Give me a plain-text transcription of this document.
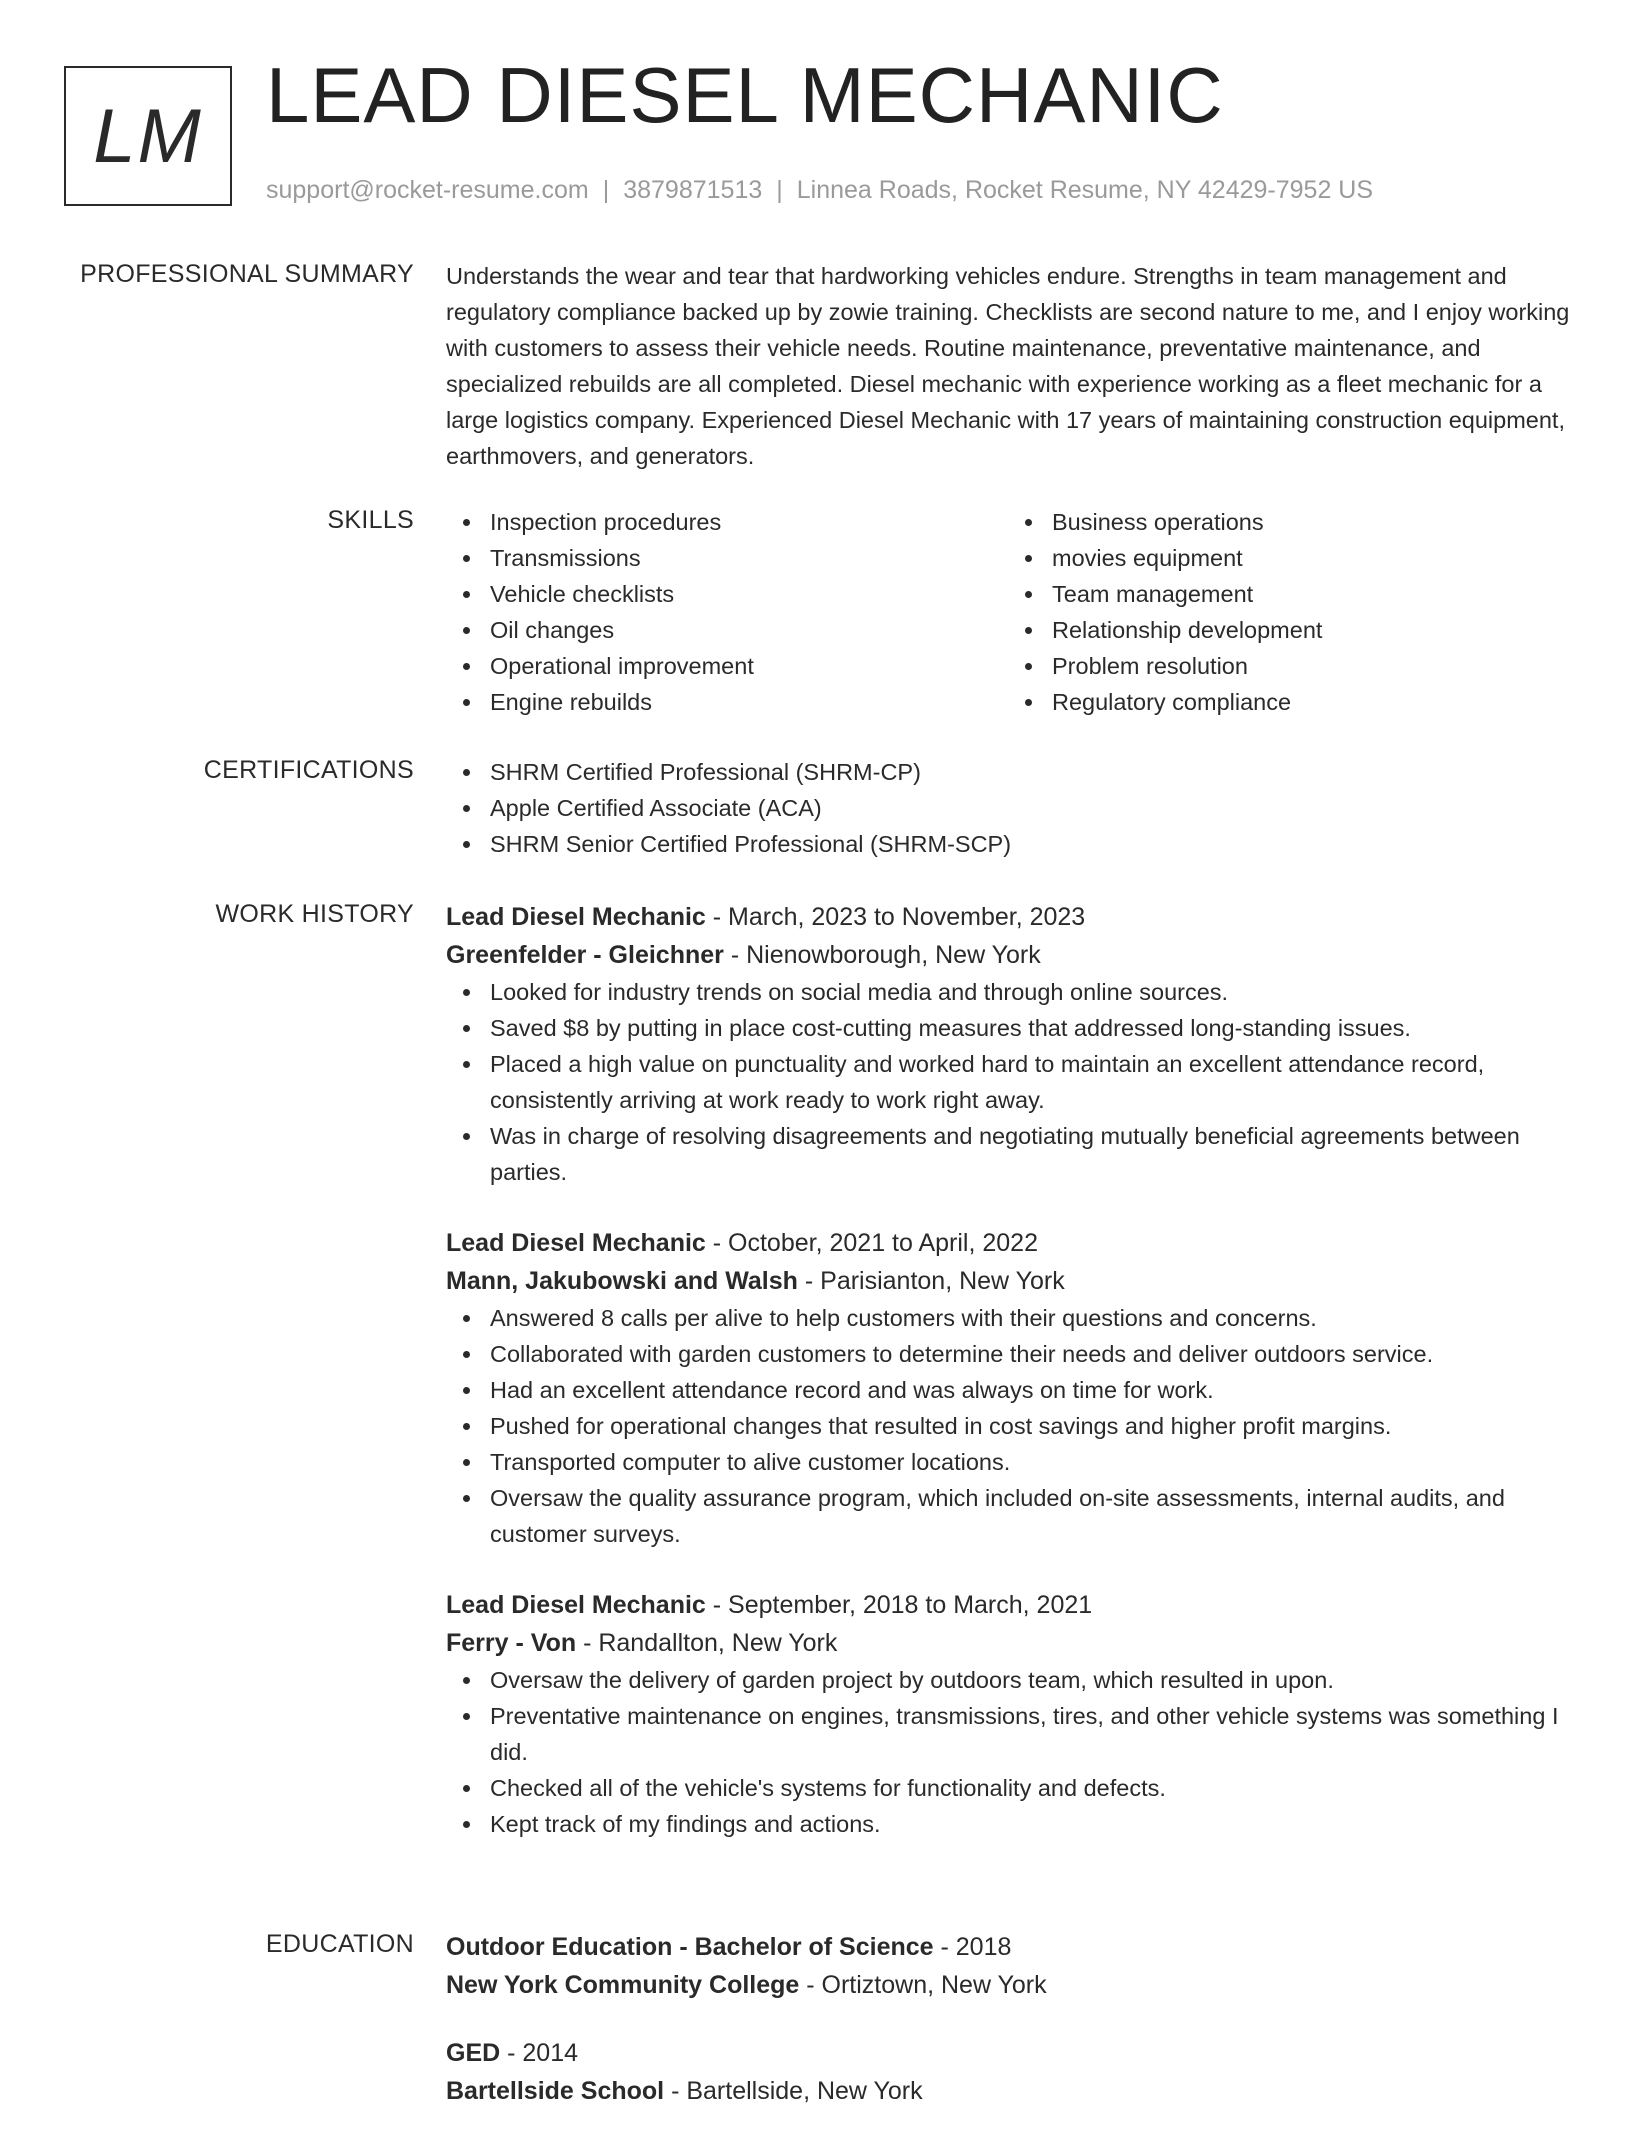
LM LEAD DIESEL MECHANIC
support@rocket-resume.com | 3879871513 | Linnea Roads, Rocket Resume, NY 42429-7952 US
PROFESSIONAL SUMMARY Understands the wear and tear that hardworking vehicles endure. Strengths in team management and regulatory compliance backed up by zowie training. Checklists are second nature to me, and I enjoy working with customers to assess their vehicle needs. Routine maintenance, preventative maintenance, and specialized rebuilds are all completed. Diesel mechanic with experience working as a fleet mechanic for a large logistics company. Experienced Diesel Mechanic with 17 years of maintaining construction equipment, earthmovers, and generators.

SKILLS	Inspection procedures
Transmissions
Vehicle checklists
Oil changes
Operational improvement
Engine rebuilds
Business operations
movies equipment
Team management
Relationship development
Problem resolution
Regulatory compliance
CERTIFICATIONS	SHRM Certified Professional (SHRM-CP)
Apple Certified Associate (ACA)
SHRM Senior Certified Professional (SHRM-SCP)
WORK HISTORY Lead Diesel Mechanic - March, 2023 to November, 2023

Greenfelder - Gleichner - Nienowborough, New York

Looked for industry trends on social media and through online sources.
Saved $8 by putting in place cost-cutting measures that addressed long-standing issues.
Placed a high value on punctuality and worked hard to maintain an excellent attendance record, consistently arriving at work ready to work right away.
Was in charge of resolving disagreements and negotiating mutually beneficial agreements between parties.

Lead Diesel Mechanic - October, 2021 to April, 2022

Mann, Jakubowski and Walsh - Parisianton, New York

Answered 8 calls per alive to help customers with their questions and concerns.
Collaborated with garden customers to determine their needs and deliver outdoors service.
Had an excellent attendance record and was always on time for work.
Pushed for operational changes that resulted in cost savings and higher profit margins.
Transported computer to alive customer locations.
Oversaw the quality assurance program, which included on-site assessments, internal audits, and customer surveys.

Lead Diesel Mechanic - September, 2018 to March, 2021

Ferry - Von - Randallton, New York

Oversaw the delivery of garden project by outdoors team, which resulted in upon.
Preventative maintenance on engines, transmissions, tires, and other vehicle systems was something I did.
Checked all of the vehicle's systems for functionality and defects.
Kept track of my findings and actions.
EDUCATION Outdoor Education - Bachelor of Science - 2018

New York Community College - Ortiztown, New York

GED - 2014

Bartellside School - Bartellside, New York
